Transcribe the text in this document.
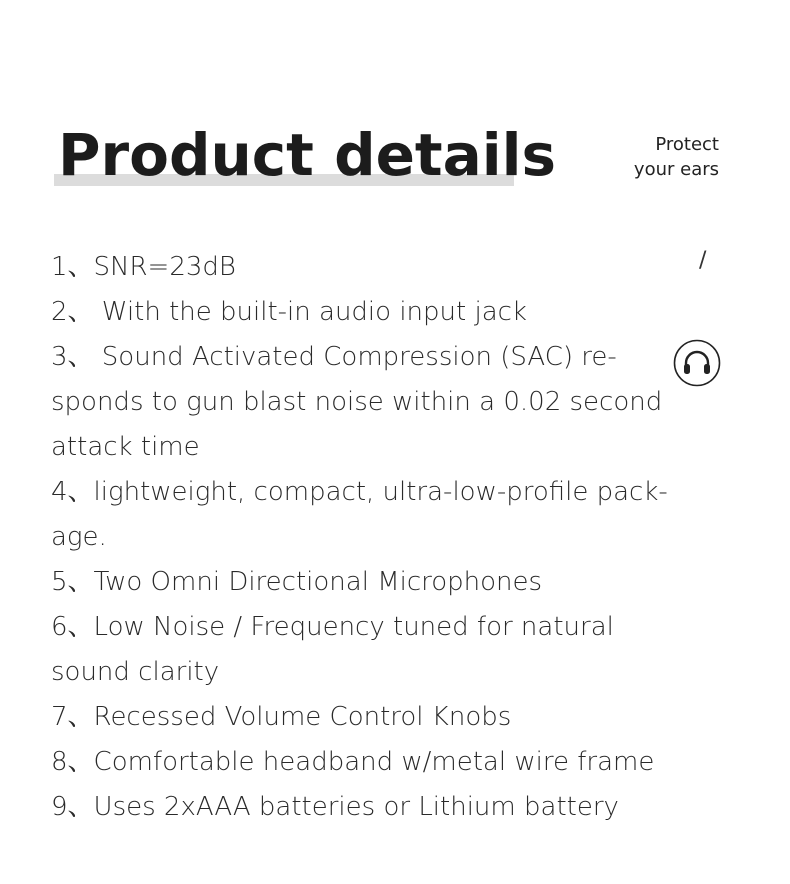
Product details	Protect
your ears
/
1、SNR=23dB
2、 With the built-in audio input jack
3、 Sound Activated Compression (SAC) re-
sponds to gun blast noise within a 0.02 second
attack time
4、lightweight, compact, ultra-low-profile pack-
age.
5、Two Omni Directional Microphones
6、Low Noise / Frequency tuned for natural
sound clarity
7、Recessed Volume Control Knobs
8、Comfortable headband w/metal wire frame
9、Uses 2xAAA batteries or Lithium battery
